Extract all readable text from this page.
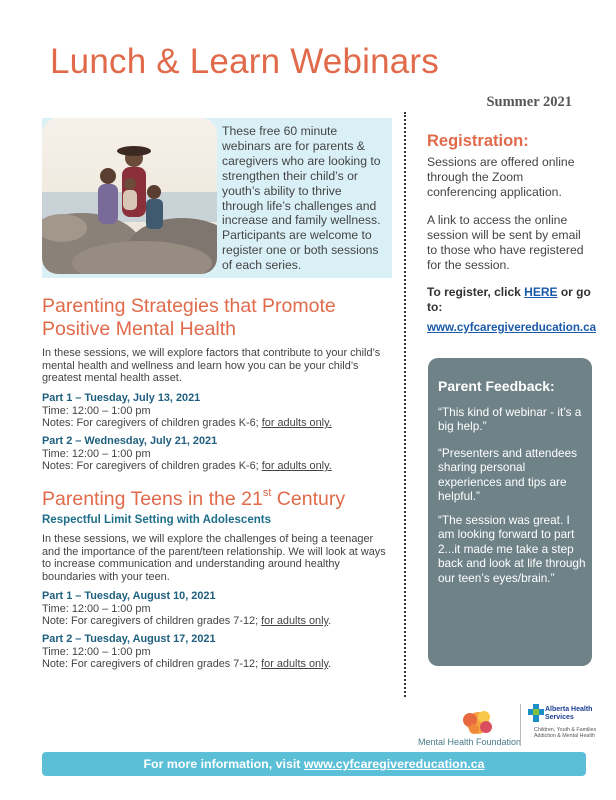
Lunch & Learn Webinars
Summer 2021
These free 60 minute webinars are for parents & caregivers who are looking to strengthen their child’s or youth’s ability to thrive through life’s challenges and increase and family wellness. Participants are welcome to register one or both sessions of each series.
Parenting Strategies that Promote Positive Mental Health
In these sessions, we will explore factors that contribute to your child’s mental health and wellness and learn how you can be your child’s greatest mental health asset.
Part 1 – Tuesday, July 13, 2021
Time: 12:00 – 1:00 pm
Notes: For caregivers of children grades K-6; for adults only.
Part 2 – Wednesday, July 21, 2021
Time: 12:00 – 1:00 pm
Notes: For caregivers of children grades K-6; for adults only.
Parenting Teens in the 21st Century
Respectful Limit Setting with Adolescents
In these sessions, we will explore the challenges of being a teenager and the importance of the parent/teen relationship. We will look at ways to increase communication and understanding around healthy boundaries with your teen.
Part 1 – Tuesday, August 10, 2021
Time: 12:00 – 1:00 pm
Note: For caregivers of children grades 7-12; for adults only.
Part 2 – Tuesday, August 17, 2021
Time: 12:00 – 1:00 pm
Note: For caregivers of children grades 7-12; for adults only.
Registration:
Sessions are offered online through the Zoom conferencing application.
A link to access the online session will be sent by email to those who have registered for the session.
To register, click HERE or go to:
www.cyfcaregivereducation.ca
Parent Feedback:
“This kind of webinar - it’s a big help.”
“Presenters and attendees sharing personal experiences and tips are helpful.”
“The session was great. I am looking forward to part 2...it made me take a step back and look at life through our teen’s eyes/brain.”
Mental Health Foundation
Alberta Health Services
Children, Youth & Families Addiction & Mental Health
For more information, visit www.cyfcaregivereducation.ca
